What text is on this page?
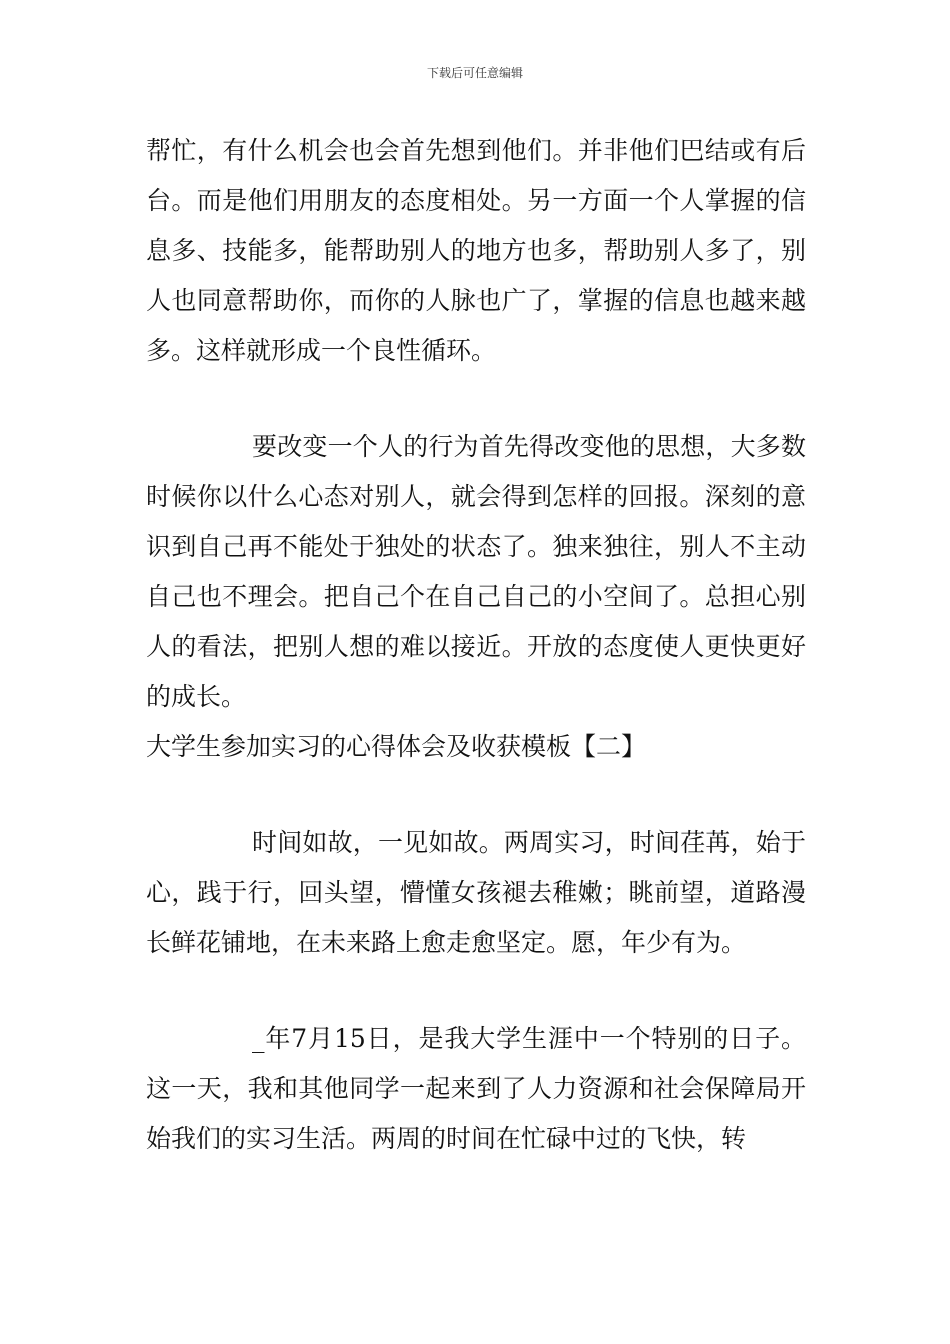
下载后可任意编辑

帮忙，有什么机会也会首先想到他们。并非他们巴结或有后台。而是他们用朋友的态度相处。另一方面一个人掌握的信息多、技能多，能帮助别人的地方也多，帮助别人多了，别人也同意帮助你，而你的人脉也广了，掌握的信息也越来越多。这样就形成一个良性循环。

要改变一个人的行为首先得改变他的思想，大多数时候你以什么心态对别人，就会得到怎样的回报。深刻的意识到自己再不能处于独处的状态了。独来独往，别人不主动自己也不理会。把自己个在自己自己的小空间了。总担心别人的看法，把别人想的难以接近。开放的态度使人更快更好的成长。

大学生参加实习的心得体会及收获模板【二】

时间如故，一见如故。两周实习，时间荏苒，始于心，践于行，回头望，懵懂女孩褪去稚嫩；眺前望，道路漫长鲜花铺地，在未来路上愈走愈坚定。愿，年少有为。

_年7月15日，是我大学生涯中一个特别的日子。这一天，我和其他同学一起来到了人力资源和社会保障局开始我们的实习生活。两周的时间在忙碌中过的飞快，转
